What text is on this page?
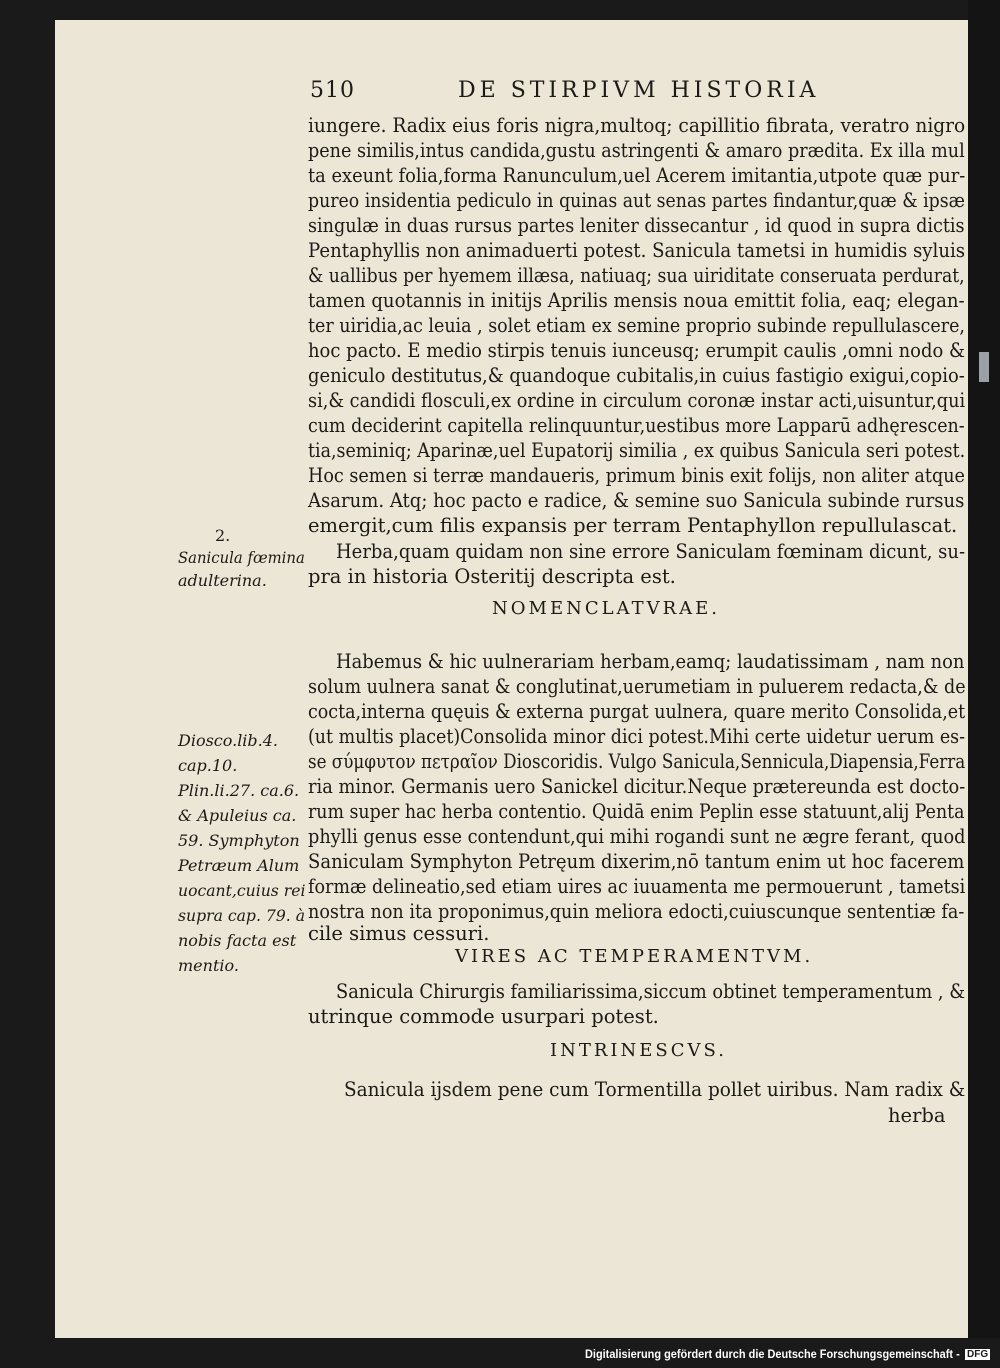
510	DE STIRPIVM HISTORIA
iungere. Radix eius foris nigra,multoq; capillitio fibrata, veratro nigro
pene similis,intus candida,gustu astringenti & amaro prædita. Ex illa mul
ta exeunt folia,forma Ranunculum,uel Acerem imitantia,utpote quæ pur-
pureo insidentia pediculo in quinas aut senas partes findantur,quæ & ipsæ
singulæ in duas rursus partes leniter dissecantur , id quod in supra dictis
Pentaphyllis non animaduerti potest. Sanicula tametsi in humidis syluis
& uallibus per hyemem illæsa, natiuaq; sua uiriditate conseruata perdurat,
tamen quotannis in initijs Aprilis mensis noua emittit folia, eaq; elegan-
ter uiridia,ac leuia , solet etiam ex semine proprio subinde repullulascere,
hoc pacto. E medio stirpis tenuis iunceusq; erumpit caulis ,omni nodo &
geniculo destitutus,& quandoque cubitalis,in cuius fastigio exigui,copio-
si,& candidi flosculi,ex ordine in circulum coronæ instar acti,uisuntur,qui
cum deciderint capitella relinquuntur,uestibus more Lapparū adhęrescen-
tia,seminiq; Aparinæ,uel Eupatorij similia , ex quibus Sanicula seri potest.
Hoc semen si terræ mandaueris, primum binis exit folijs, non aliter atque
Asarum. Atq; hoc pacto e radice, & semine suo Sanicula subinde rursus
emergit,cum filis expansis per terram Pentaphyllon repullulascat.
Herba,quam quidam non sine errore Saniculam fœminam dicunt, su-
pra in historia Osteritij descripta est.
2.
Sanicula fœmina
adulterina.
NOMENCLATVRAE.
Habemus & hic uulnerariam herbam,eamq; laudatissimam , nam non
solum uulnera sanat & conglutinat,uerumetiam in puluerem redacta,& de
cocta,interna quęuis & externa purgat uulnera, quare merito Consolida,et
(ut multis placet)Consolida minor dici potest.Mihi certe uidetur uerum es-
se σύμφυτον πετραῖον Dioscoridis. Vulgo Sanicula,Sennicula,Diapensia,Ferra
ria minor. Germanis uero Sanickel dicitur.Neque prætereunda est docto-
rum super hac herba contentio. Quidā enim Peplin esse statuunt,alij Penta
phylli genus esse contendunt,qui mihi rogandi sunt ne ægre ferant, quod
Saniculam Symphyton Petręum dixerim,nō tantum enim ut hoc facerem
formæ delineatio,sed etiam uires ac iuuamenta me permouerunt , tametsi
nostra non ita proponimus,quin meliora edocti,cuiuscunque sententiæ fa-
cile simus cessuri.
Diosco.lib.4.
cap.10.
Plin.li.27. ca.6.
& Apuleius ca.
59. Symphyton
Petræum Alum
uocant,cuius rei
supra cap. 79. à
nobis facta est
mentio.	VIRES AC TEMPERAMENTVM.
Sanicula Chirurgis familiarissima,siccum obtinet temperamentum , &
utrinque commode usurpari potest.
INTRINESCVS.
Sanicula ijsdem pene cum Tormentilla pollet uiribus. Nam radix &
herba
Digitalisierung gefördert durch die Deutsche Forschungsgemeinschaft - DFG
